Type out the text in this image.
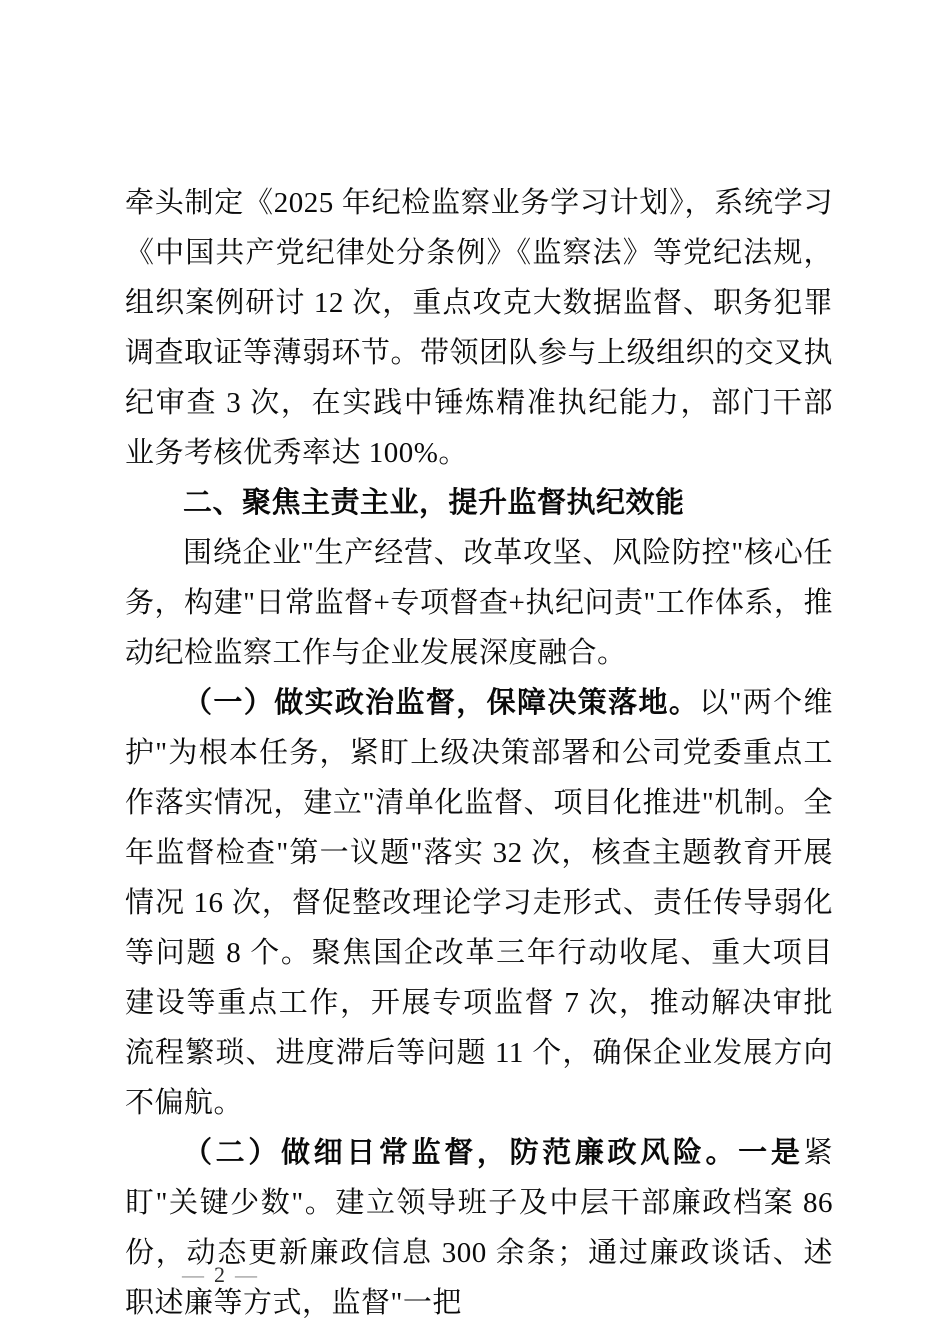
牵头制定《2025 年纪检监察业务学习计划》，系统学习《中国共产党纪律处分条例》《监察法》等党纪法规，组织案例研讨 12 次，重点攻克大数据监督、职务犯罪调查取证等薄弱环节。带领团队参与上级组织的交叉执纪审查 3 次，在实践中锤炼精准执纪能力，部门干部业务考核优秀率达 100%。

二、聚焦主责主业，提升监督执纪效能

围绕企业"生产经营、改革攻坚、风险防控"核心任务，构建"日常监督+专项督查+执纪问责"工作体系，推动纪检监察工作与企业发展深度融合。

（一）做实政治监督，保障决策落地。以"两个维护"为根本任务，紧盯上级决策部署和公司党委重点工作落实情况，建立"清单化监督、项目化推进"机制。全年监督检查"第一议题"落实 32 次，核查主题教育开展情况 16 次，督促整改理论学习走形式、责任传导弱化等问题 8 个。聚焦国企改革三年行动收尾、重大项目建设等重点工作，开展专项监督 7 次，推动解决审批流程繁琐、进度滞后等问题 11 个，确保企业发展方向不偏航。

（二）做细日常监督，防范廉政风险。一是紧盯"关键少数"。建立领导班子及中层干部廉政档案 86 份，动态更新廉政信息 300 余条；通过廉政谈话、述职述廉等方式，监督"一把

— 2 —
